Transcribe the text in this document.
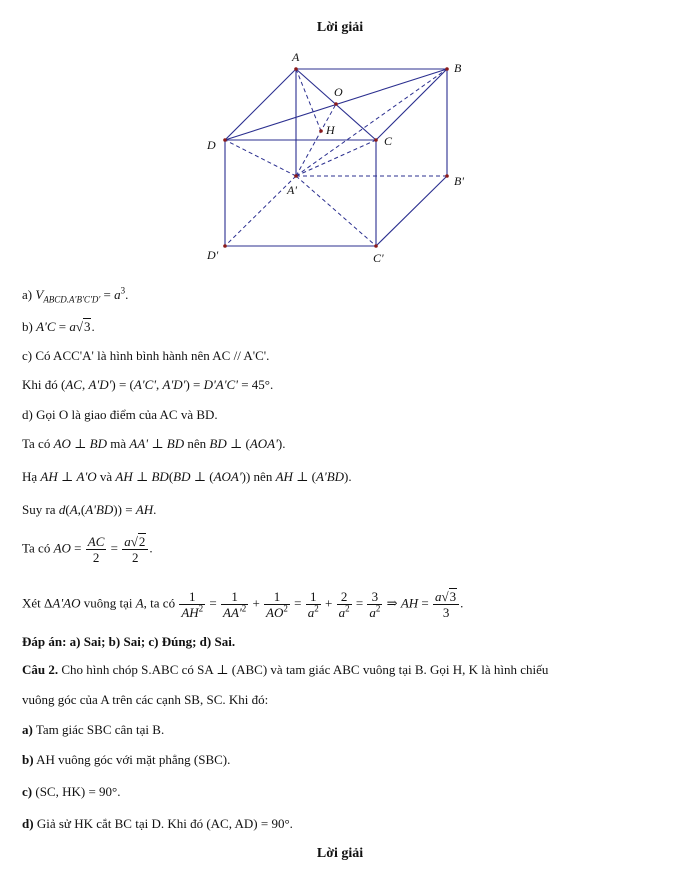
Lời giải
A
B
O
H
C
D
A'
B'
D'	C'
a) $V_{ABCD.A'B'C'D'} = a^3$.
b) A'C = a√3.
c) Có ACC'A' là hình bình hành nên AC // A'C'.
Khi đó (AC, A'D') = (A'C', A'D') = D'A'C' = 45°.
d) Gọi O là giao điểm của AC và BD.
Ta có AO ⊥ BD mà AA' ⊥ BD nên BD ⊥ (AOA').
Hạ AH ⊥ A'O và AH ⊥ BD(BD ⊥ (AOA')) nên AH ⊥ (A'BD).
Suy ra d(A,(A'BD)) = AH.
Ta có AO = $\frac{AC}{2} = \frac{a√2}{2}$ .
Xét ΔA'AO vuông tại A, ta có $\frac{1}{AH^2} = \frac{1}{AA'^2} + \frac{1}{AO^2} = \frac{1}{a^2} + \frac{2}{a^2} = \frac{3}{a^2}$ ⇒ AH = $\frac{a√3}{3}$ .
Đáp án: a) Sai; b) Sai; c) Đúng; d) Sai.
Câu 2. Cho hình chóp S.ABC có SA ⊥ (ABC) và tam giác ABC vuông tại B. Gọi H, K là hình chiếu
vuông góc của A trên các cạnh SB, SC. Khi đó:
a) Tam giác SBC cân tại B.
b) AH vuông góc với mặt phẳng (SBC).
c) (SC, HK) = 90°.
d) Giả sử HK cắt BC tại D. Khi đó (AC, AD) = 90°.
Lời giải
